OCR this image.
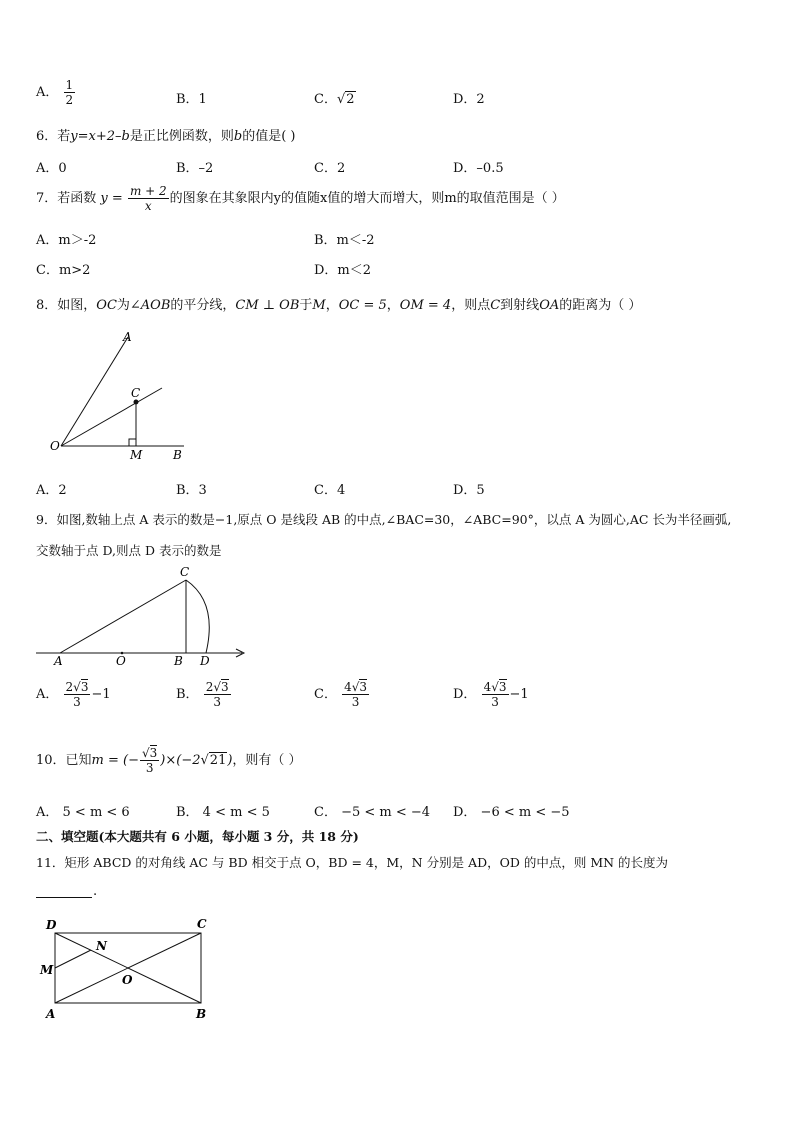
A． $\frac{1}{2}$	B．1	C．√2	D．2
6．若y=x+2–b是正比例函数，则b的值是( )
A．0	B．–2	C．2	D．–0.5
7．若函数 $y = \frac{m + 2}{x}$ 的图象在其象限内y的值随x值的增大而增大，则m的取值范围是（ ）
A．m＞-2	B．m＜-2
C．m>2	D．m＜2
8．如图，OC为∠AOB的平分线，CM ⊥ OB于M，OC = 5，OM = 4，则点C到射线OA的距离为（ ）
A
C
O
M	B
A．2	B．3	C．4	D．5
9．如图,数轴上点 A 表示的数是−1,原点 O 是线段 AB 的中点,∠BAC=30，∠ABC=90°，以点 A 为圆心,AC 长为半径画弧,
交数轴于点 D,则点 D 表示的数是
A	O	B D
C
A． $\frac{2√3}{3} -1$	B． $\frac{2√3}{3}$	C． $\frac{4√3}{3}$	D． $\frac{4√3}{3} -1$
10．已知m = (− $\frac{√3}{3} )\times(-2√21)$，则有（ ）
A． 5 < m < 6	B． 4 < m < 5	C． −5 < m < −4 D． −6 < m < −5
二、填空题(本大题共有 6 小题，每小题 3 分，共 18 分)
11．矩形 ABCD 的对角线 AC 与 BD 相交于点 O，BD = 4，M，N 分别是 AD，OD 的中点，则 MN 的长度为
.
D	C
N
M
O
A	B
